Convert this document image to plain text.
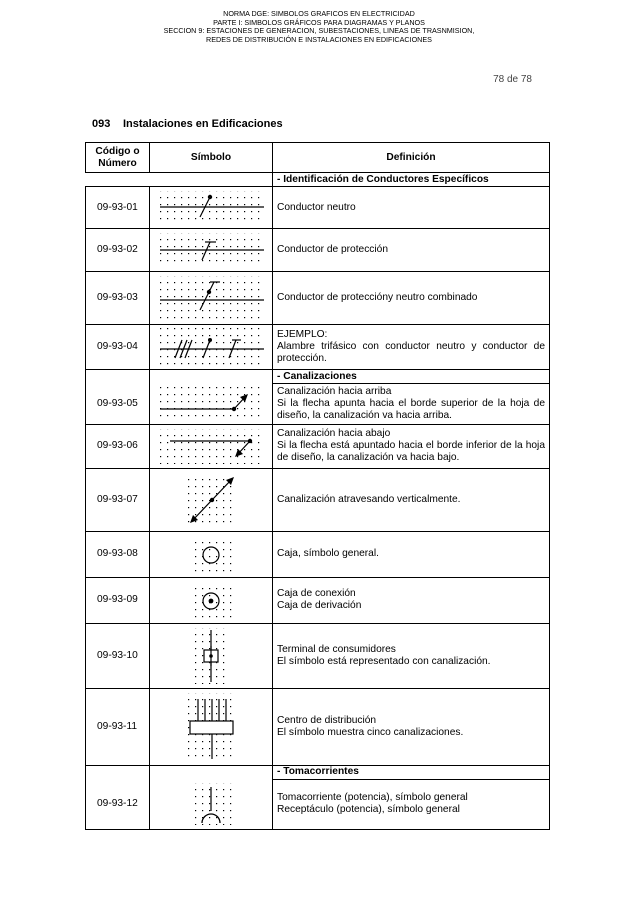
NORMA DGE: SIMBOLOS GRAFICOS EN ELECTRICIDAD
PARTE I: SIMBOLOS GRÁFICOS PARA DIAGRAMAS Y PLANOS
SECCION 9: ESTACIONES DE GENERACION, SUBESTACIONES, LINEAS DE TRASNMISION,
REDES DE DISTRIBUCIÓN E INSTALACIONES EN EDIFICACIONES
78 de 78
093 Instalaciones en Edificaciones
Código o Número	Símbolo	Definición
		- Identificación de Conductores Específicos
09-93-01		Conductor neutro

09-93-02		Conductor de protección

09-93-03		Conductor de proteccióny neutro combinado

09-93-04		EJEMPLO:
Alambre trifásico con conductor neutro y conductor de protección.

		- Canalizaciones
09-93-05		Canalización hacia arriba
Si la flecha apunta hacia el borde superior de la hoja de diseño, la canalización va hacia arriba.

09-93-06		Canalización hacia abajo
Si la flecha está apuntado hacia el borde inferior de la hoja de diseño, la canalización va hacia bajo.

09-93-07		Canalización atravesando verticalmente.

09-93-08		Caja, símbolo general.

09-93-09		Caja de conexión
Caja de derivación

09-93-10		Terminal de consumidores
El símbolo está representado con canalización.

09-93-11		Centro de distribución
El símbolo muestra cinco canalizaciones.

		- Tomacorrientes
09-93-12		Tomacorriente (potencia), símbolo general
Receptáculo (potencia), símbolo general
